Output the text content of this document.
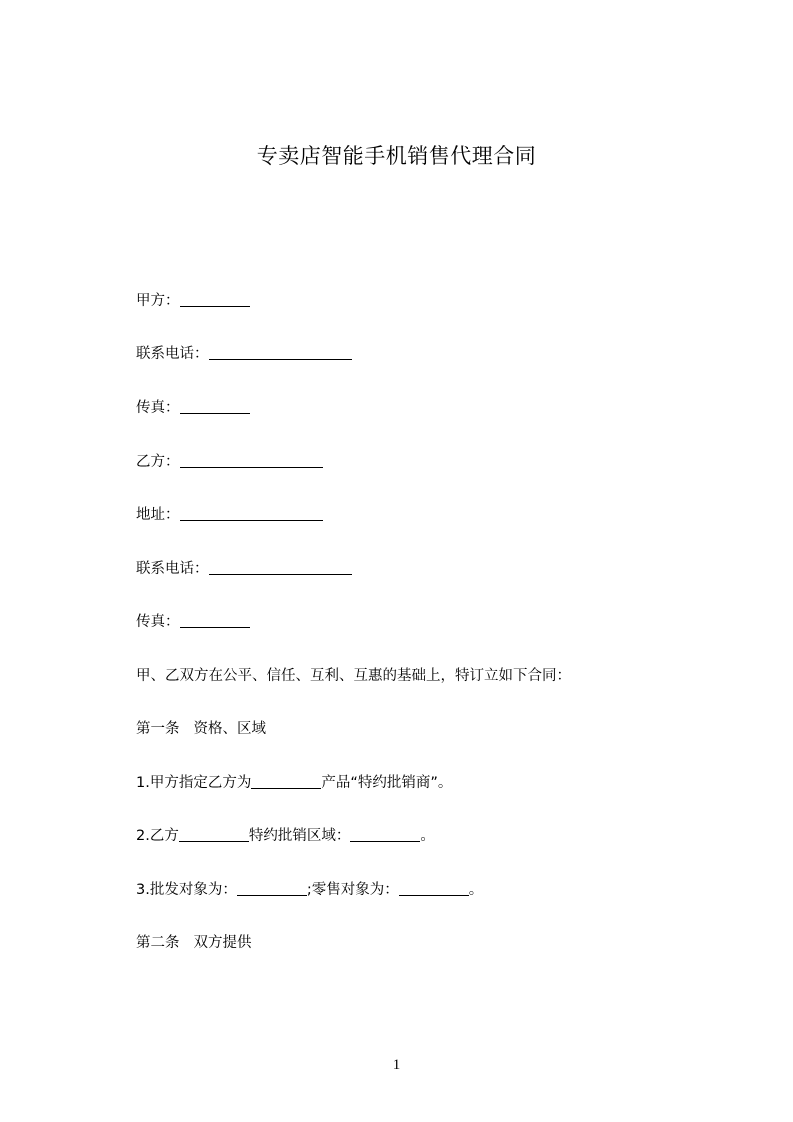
专卖店智能手机销售代理合同
甲方：
联系电话：
传真：
乙方：
地址：
联系电话：
传真：
甲、乙双方在公平、信任、互利、互惠的基础上，特订立如下合同：
第一条 资格、区域
1.甲方指定乙方为	产品“特约批销商”。
2.乙方	特约批销区域：	。
3.批发对象为：	;零售对象为：	。
第二条 双方提供
1
